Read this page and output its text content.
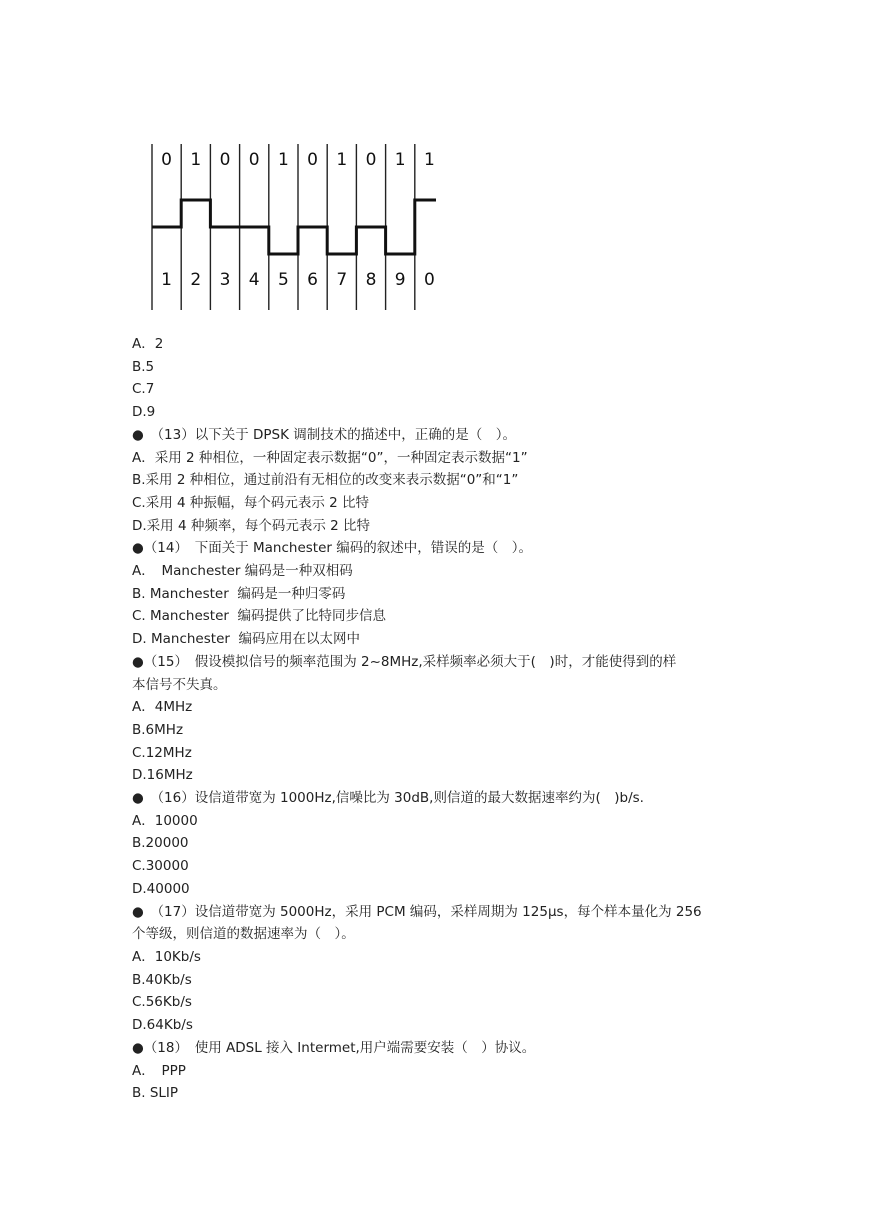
0 1 0 0 1 0 1 0 1 1
1 2 3 4 5 6 7 8 9 0
A．2
B.5
C.7
D.9
●　（13）以下关于 DPSK 调制技术的描述中，正确的是（　）。
A．采用 2 种相位，一种固定表示数据“0”，一种固定表示数据“1”
B.采用 2 种相位，通过前沿有无相位的改变来表示数据“0”和“1”
C.采用 4 种振幅，每个码元表示 2 比特
D.采用 4 种频率，每个码元表示 2 比特
●（14）　下面关于 Manchester 编码的叙述中，错误的是（　）。
A．　Manchester 编码是一种双相码
B. Manchester  编码是一种归零码
C. Manchester  编码提供了比特同步信息
D. Manchester  编码应用在以太网中
●（15）　假设模拟信号的频率范围为 2~8MHz,采样频率必须大于(　)时，才能使得到的样
本信号不失真。
A．4MHz
B.6MHz
C.12MHz
D.16MHz
●　（16）设信道带宽为 1000Hz,信噪比为 30dB,则信道的最大数据速率约为(　)b/s.
A．10000
B.20000
C.30000
D.40000
●　（17）设信道带宽为 5000Hz，采用 PCM 编码，采样周期为 125μs，每个样本量化为 256
个等级，则信道的数据速率为（　）。
A．10Kb/s
B.40Kb/s
C.56Kb/s
D.64Kb/s
●（18）　使用 ADSL 接入 Intermet,用户端需要安装（　）协议。
A．　PPP
B. SLIP
